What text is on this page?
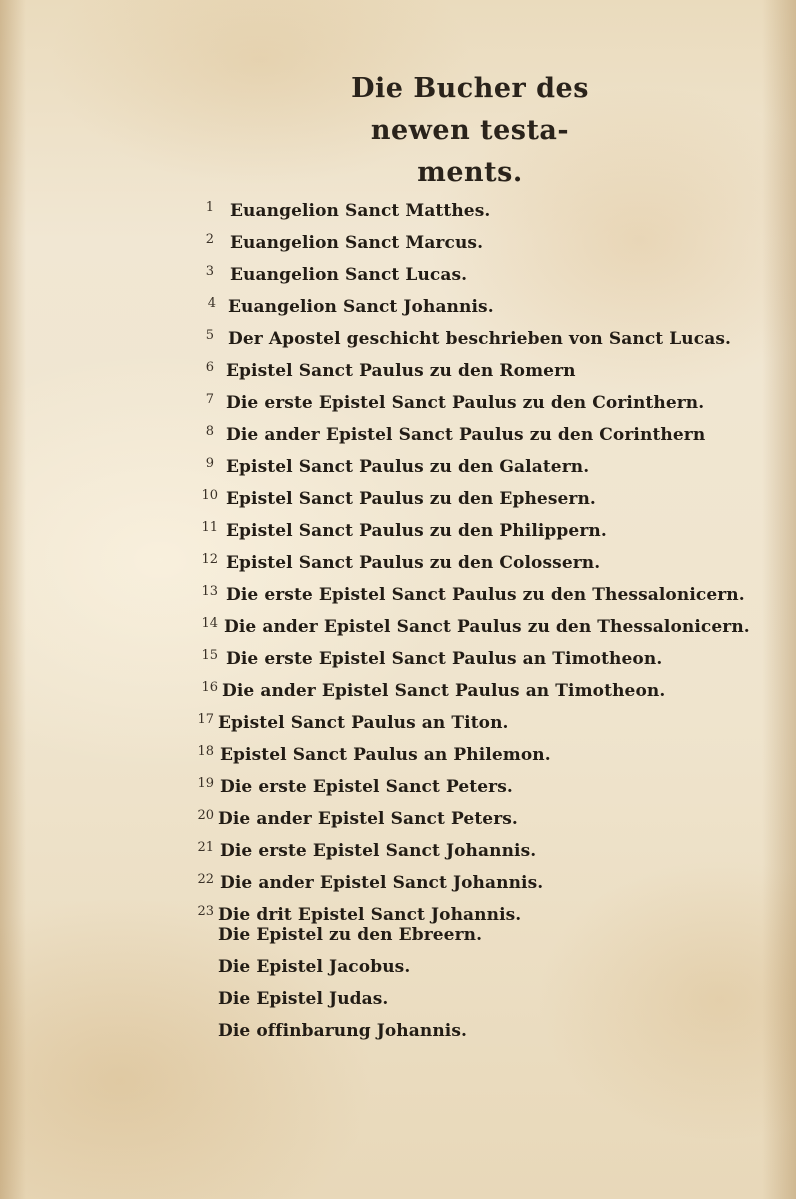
Die Bucher des
newen testa-
ments.
1 Euangelion Sanct Matthes.
2 Euangelion Sanct Marcus.
3 Euangelion Sanct Lucas.
4 Euangelion Sanct Johannis.
5 Der Apostel geschicht beschrieben von Sanct Lucas.
6 Epistel Sanct Paulus zu den Romern
7 Die erste Epistel Sanct Paulus zu den Corinthern.
8 Die ander Epistel Sanct Paulus zu den Corinthern
9 Epistel Sanct Paulus zu den Galatern.
10 Epistel Sanct Paulus zu den Ephesern.
11 Epistel Sanct Paulus zu den Philippern.
12 Epistel Sanct Paulus zu den Colossern.
13 Die erste Epistel Sanct Paulus zu den Thessalonicern.
14 Die ander Epistel Sanct Paulus zu den Thessalonicern.
15 Die erste Epistel Sanct Paulus an Timotheon.
16 Die ander Epistel Sanct Paulus an Timotheon.
17 Epistel Sanct Paulus an Titon.
18 Epistel Sanct Paulus an Philemon.
19 Die erste Epistel Sanct Peters.
20 Die ander Epistel Sanct Peters.
21 Die erste Epistel Sanct Johannis.
22 Die ander Epistel Sanct Johannis.
23 Die drit Epistel Sanct Johannis.
Die Epistel zu den Ebreern.
Die Epistel Jacobus.
Die Epistel Judas.
Die offinbarung Johannis.
